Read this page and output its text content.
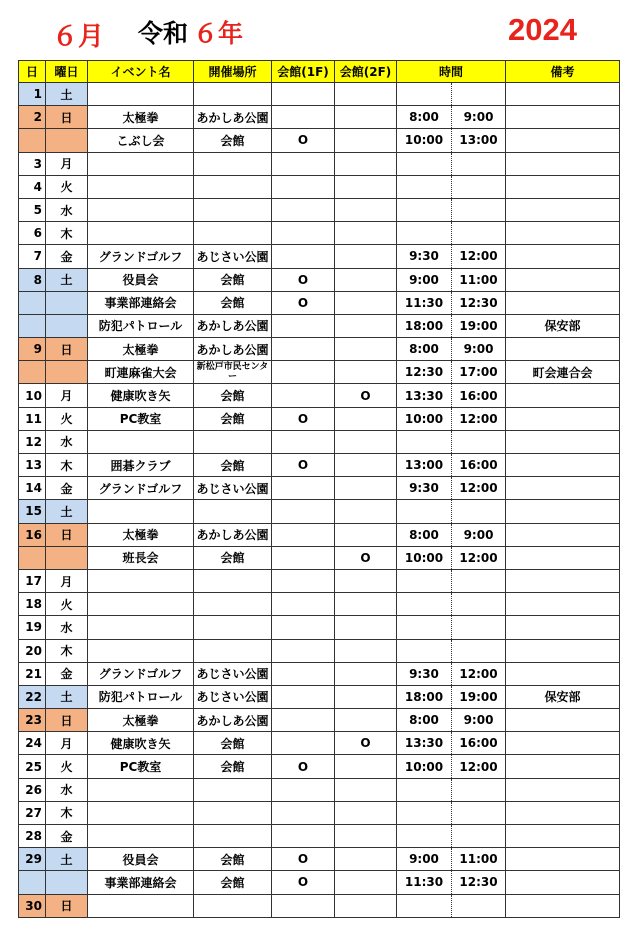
６月 令和 ６年	2024
日	曜日	イベント名	開催場所	会館(1F)	会館(2F)	時間		備考
1	土							
2	日	太極拳	あかしあ公園			8:00	9:00	
		こぶし会	会館	O		10:00	13:00	
3	月							
4	火							
5	水							
6	木							
7	金	グランドゴルフ	あじさい公園			9:30	12:00	
8	土	役員会	会館	O		9:00	11:00	
		事業部連絡会	会館	O		11:30	12:30	
		防犯パトロール	あかしあ公園			18:00	19:00	保安部
9	日	太極拳	あかしあ公園			8:00	9:00	
		町連麻雀大会	新松戸市民センター			12:30	17:00	町会連合会
10	月	健康吹き矢	会館		O	13:30	16:00	
11	火	PC教室	会館	O		10:00	12:00	
12	水							
13	木	囲碁クラブ	会館	O		13:00	16:00	
14	金	グランドゴルフ	あじさい公園			9:30	12:00	
15	土							
16	日	太極拳	あかしあ公園			8:00	9:00	
		班長会	会館		O	10:00	12:00	
17	月							
18	火							
19	水							
20	木							
21	金	グランドゴルフ	あじさい公園			9:30	12:00	
22	土	防犯パトロール	あじさい公園			18:00	19:00	保安部
23	日	太極拳	あかしあ公園			8:00	9:00	
24	月	健康吹き矢	会館		O	13:30	16:00	
25	火	PC教室	会館	O		10:00	12:00	
26	水							
27	木							
28	金							
29	土	役員会	会館	O		9:00	11:00	
		事業部連絡会	会館	O		11:30	12:30	
30	日							
